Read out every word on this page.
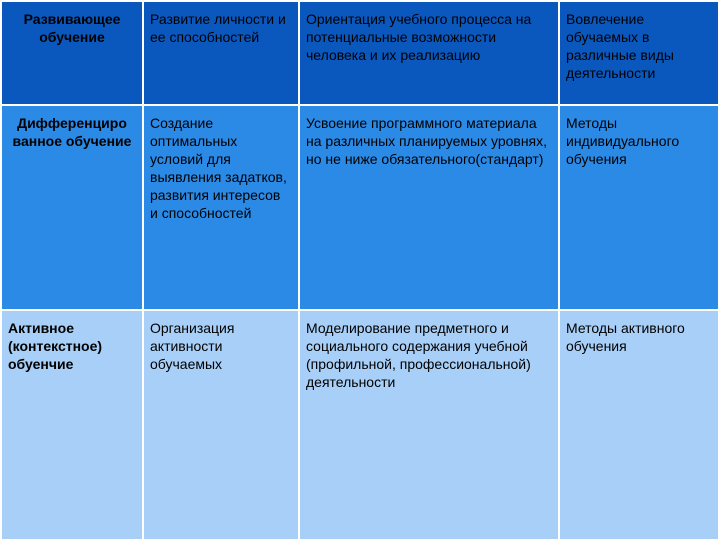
Развивающее обучение	Развитие личности и ее способностей	Ориентация учебного процесса на потенциальные возможности человека и их реализацию	Вовлечение обучаемых в различные виды деятельности
Дифференциро ванное обучение	Создание оптимальных условий для выявления задатков, развития интересов и способностей	Усвоение программного материала на различных планируемых уровнях, но не ниже обязательного(стандарт)	Методы индивидуального обучения
Активное (контекстное) обуенчие	Организация активности обучаемых	Моделирование предметного и социального содержания учебной (профильной, профессиональной) деятельности	Методы активного обучения
